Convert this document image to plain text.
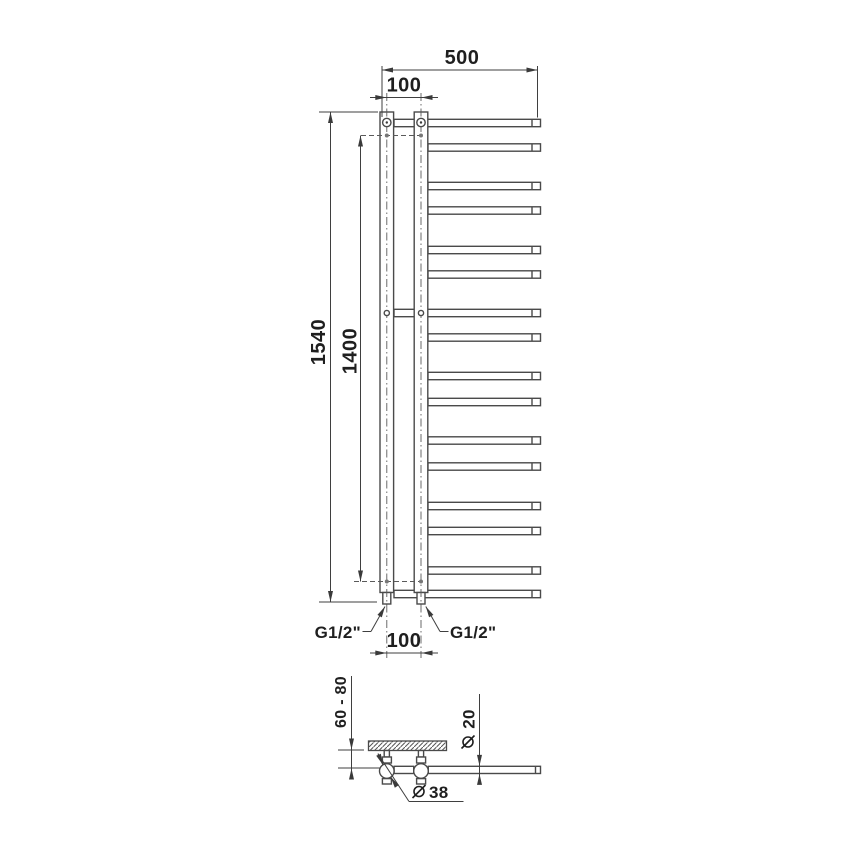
500
100
1540 1400
100
G1/2"	G1/2"
60 - 80	20
38
